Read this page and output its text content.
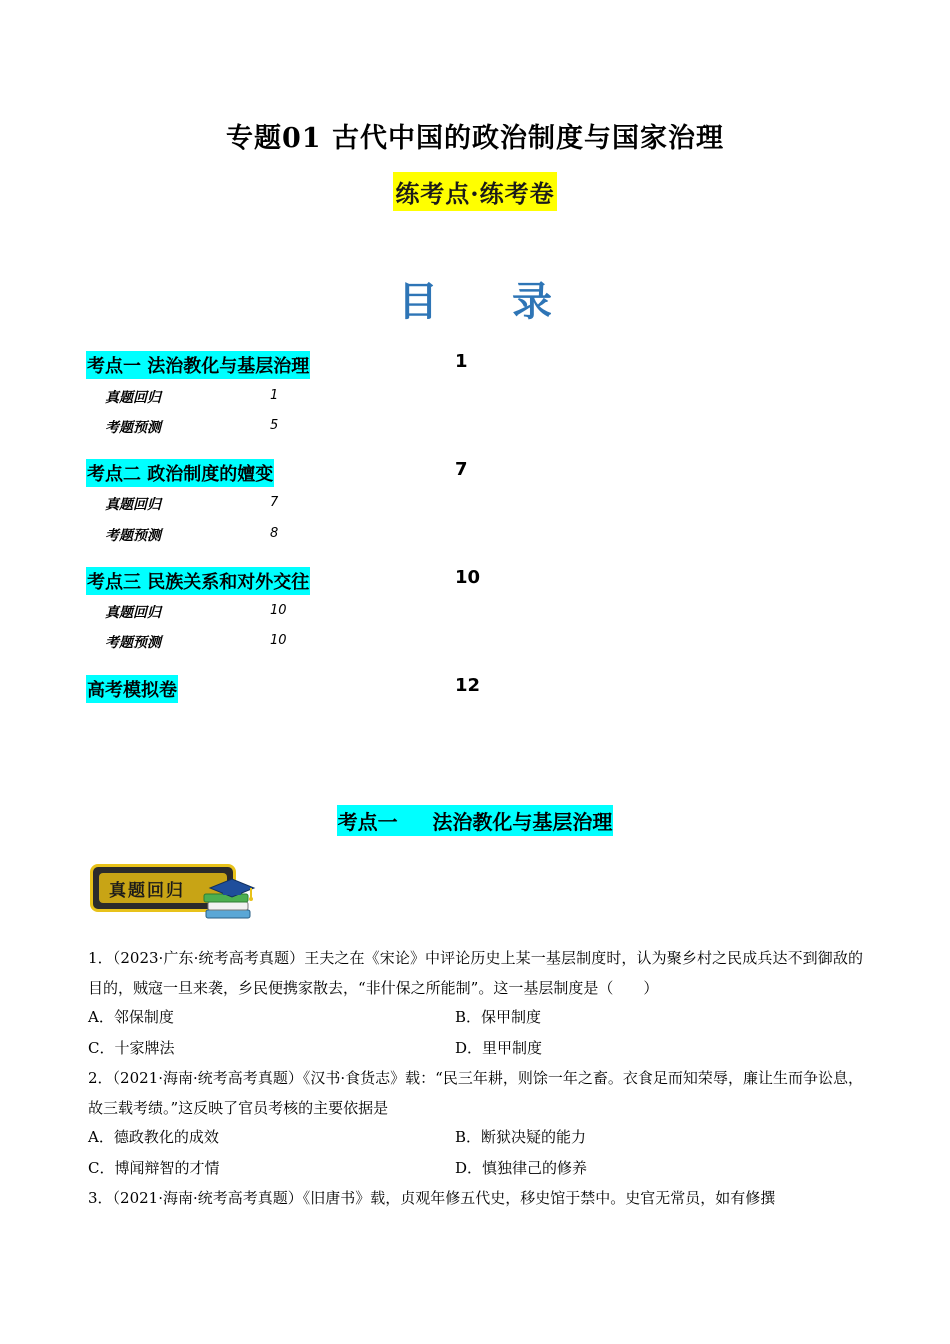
专题01 古代中国的政治制度与国家治理
练考点·练考卷
目 录
考点一 法治教化与基层治理	1
真题回归	1
考题预测	5
考点二 政治制度的嬗变	7
真题回归	7
考题预测	8
考点三 民族关系和对外交往	10
真题回归	10
考题预测	10
高考模拟卷	12
考点一     法治教化与基层治理
真题回归
1．（2023·广东·统考高考真题）王夫之在《宋论》中评论历史上某一基层制度时，认为聚乡村之民成兵达不到御敌的目的，贼寇一旦来袭，乡民便携家散去，“非什保之所能制”。这一基层制度是（　　）
A．邻保制度	B．保甲制度
C．十家牌法	D．里甲制度
2．（2021·海南·统考高考真题）《汉书·食货志》载：“民三年耕，则馀一年之畜。衣食足而知荣辱，廉让生而争讼息，故三载考绩。”这反映了官员考核的主要依据是
A．德政教化的成效	B．断狱决疑的能力
C．博闻辩智的才情	D．慎独律己的修养
3．（2021·海南·统考高考真题）《旧唐书》载，贞观年修五代史，移史馆于禁中。史官无常员，如有修撰
